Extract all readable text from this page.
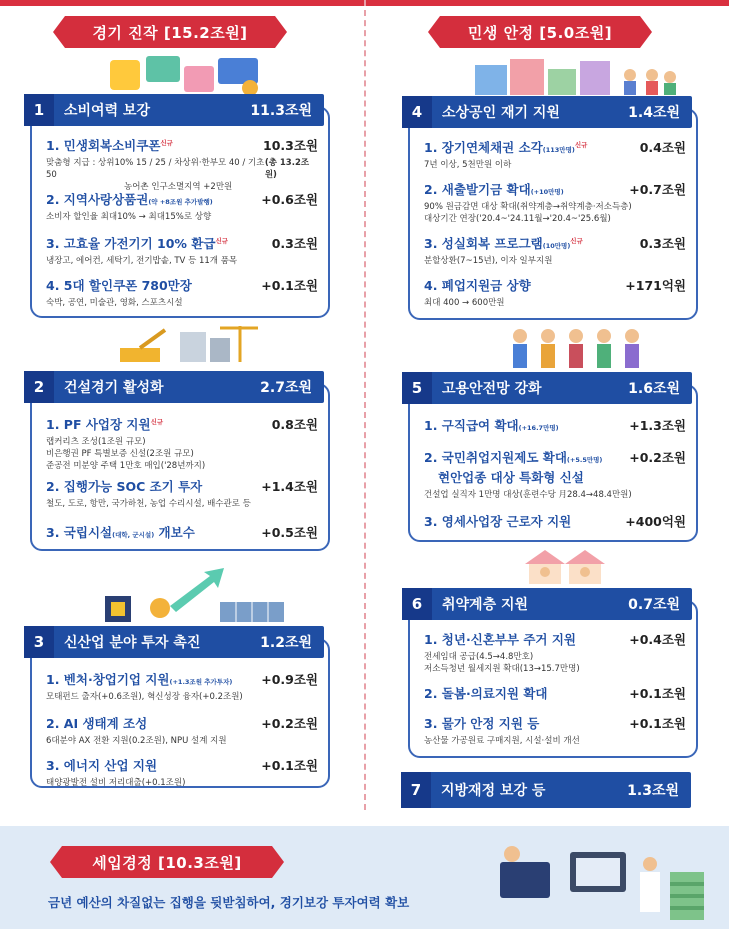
경기 진작 [15.2조원]	민생 안정 [5.0조원]
1	소비여력 보강	11.3조원
1. 민생회복소비쿠폰$^{신규}$	10.3조원
맞춤형 지급 : 상위10% 15 / 25 / 차상위·한부모 40 / 기초 50
(총 13.2조원)
농어촌 인구소멸지역 +2만원
2. 지역사랑상품권(약 +8조원 추가발행)	+0.6조원
소비자 할인율 최대10% → 최대15%로 상향
3. 고효율 가전기기 10% 환급$^{신규}$	0.3조원
냉장고, 에어컨, 세탁기, 전기밥솥, TV 등 11개 품목
4. 5대 할인쿠폰 780만장	+0.1조원
숙박, 공연, 미술관, 영화, 스포츠시설
2	건설경기 활성화	2.7조원
1. PF 사업장 지원$^{신규}$	0.8조원
랩커리츠 조성(1조원 규모)
비은행권 PF 특별보증 신설(2조원 규모)
준공전 미분양 주택 1만호 매입('28년까지)
2. 집행가능 SOC 조기 투자	+1.4조원
철도, 도로, 항만, 국가하천, 농업 수리시설, 배수관로 등
3. 국립시설(대학, 군시설) 개보수	+0.5조원
3	신산업 분야 투자 촉진	1.2조원
1. 벤처·창업기업 지원(+1.3조원 추가투자) +0.9조원
모태펀드 출자(+0.6조원), 혁신성장 융자(+0.2조원)
2. AI 생태계 조성	+0.2조원
6대분야 AX 전환 지원(0.2조원), NPU 설계 지원
3. 에너지 산업 지원	+0.1조원
태양광발전 설비 저리대출(+0.1조원)
4	소상공인 재기 지원	1.4조원
1. 장기연체채권 소각(113만명)$^{신규}$	0.4조원
7년 이상, 5천만원 이하
2. 새출발기금 확대(+10만명)	+0.7조원
90% 원금감면 대상 확대(취약계층→취약계층·저소득층)
대상기간 연장('20.4~'24.11월→'20.4~'25.6월)
3. 성실회복 프로그램(10만명)$^{신규}$	0.3조원
분할상환(7~15년), 이자 일부지원
4. 폐업지원금 상향	+171억원
최대 400 → 600만원
5	고용안전망 강화	1.6조원
1. 구직급여 확대(+16.7만명)	+1.3조원
2. 국민취업지원제도 확대(+5.5만명) +0.2조원
현안업종 대상 특화형 신설
건설업 실직자 1만명 대상(훈련수당 月28.4→48.4만원)
3. 영세사업장 근로자 지원	+400억원
6	취약계층 지원	0.7조원
1. 청년·신혼부부 주거 지원	+0.4조원
전세임대 공급(4.5→4.8만호)
저소득청년 월세지원 확대(13→15.7만명)
2. 돌봄·의료지원 확대	+0.1조원
3. 물가 안정 지원 등	+0.1조원
농산물 가공원료 구매지원, 시설·설비 개선
7	지방재정 보강 등	1.3조원
세입경정 [10.3조원]
금년 예산의 차질없는 집행을 뒷받침하여, 경기보강 투자여력 확보
